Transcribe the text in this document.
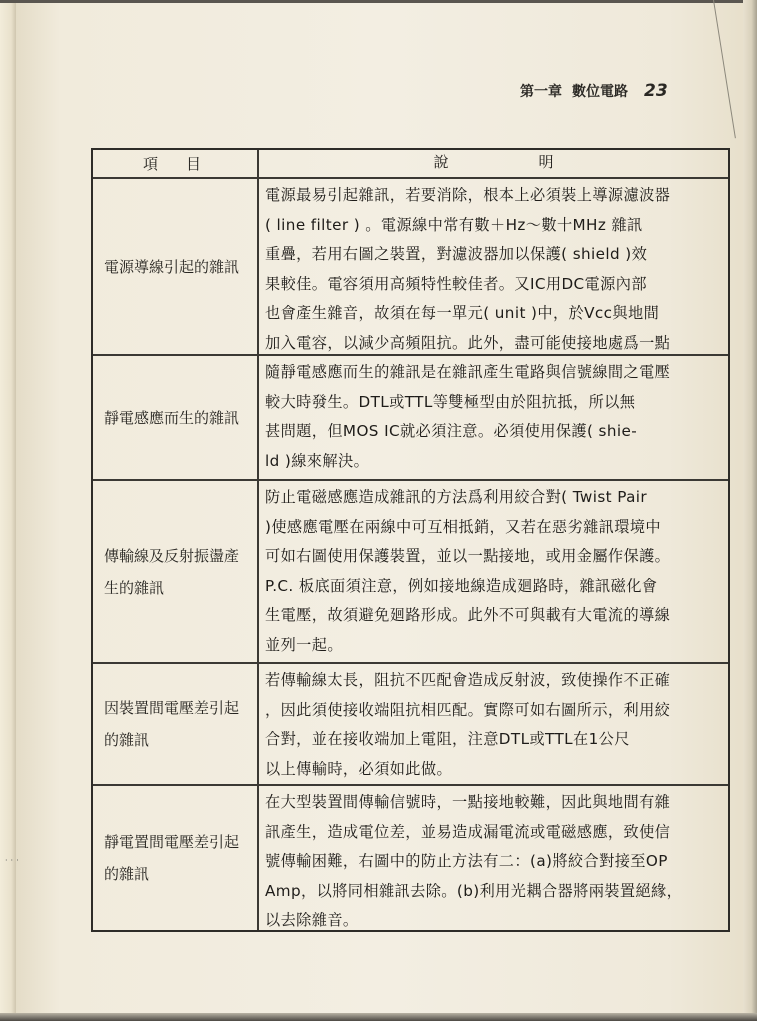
···
第一章 數位電路 23
項目	說明
電源導線引起的雜訊
電源最易引起雜訊，若要消除，根本上必須裝上導源濾波器
( line filter ) 。電源線中常有數＋Hz～數十MHz 雜訊
重疊，若用右圖之裝置，對濾波器加以保護( shield )效
果較佳。電容須用高頻特性較佳者。又IC用DC電源內部
也會產生雜音，故須在每一單元( unit )中，於Vcc與地間
加入電容，以減少高頻阻抗。此外，盡可能使接地處爲一點
靜電感應而生的雜訊
隨靜電感應而生的雜訊是在雜訊產生電路與信號線間之電壓
較大時發生。DTL或TTL等雙極型由於阻抗抵，所以無
甚問題，但MOS IC就必須注意。必須使用保護( shie-
ld )線來解決。
傳輸線及反射振盪產生的雜訊
防止電磁感應造成雜訊的方法爲利用絞合對( Twist Pair
)使感應電壓在兩線中可互相抵銷，又若在惡劣雜訊環境中
可如右圖使用保護裝置，並以一點接地，或用金屬作保護。
P.C. 板底面須注意，例如接地線造成廻路時，雜訊磁化會
生電壓，故須避免廻路形成。此外不可與載有大電流的導線
並列一起。
因裝置間電壓差引起的雜訊
若傳輸線太長，阻抗不匹配會造成反射波，致使操作不正確
，因此須使接收端阻抗相匹配。實際可如右圖所示，利用絞
合對，並在接收端加上電阻，注意DTL或TTL在1公尺
以上傳輸時，必須如此做。
靜電置間電壓差引起的雜訊
在大型裝置間傳輸信號時，一點接地較難，因此與地間有雜
訊產生，造成電位差，並易造成漏電流或電磁感應，致使信
號傳輸困難，右圖中的防止方法有二：(a)將絞合對接至OP
Amp，以將同相雜訊去除。(b)利用光耦合器將兩裝置絕緣，
以去除雜音。
